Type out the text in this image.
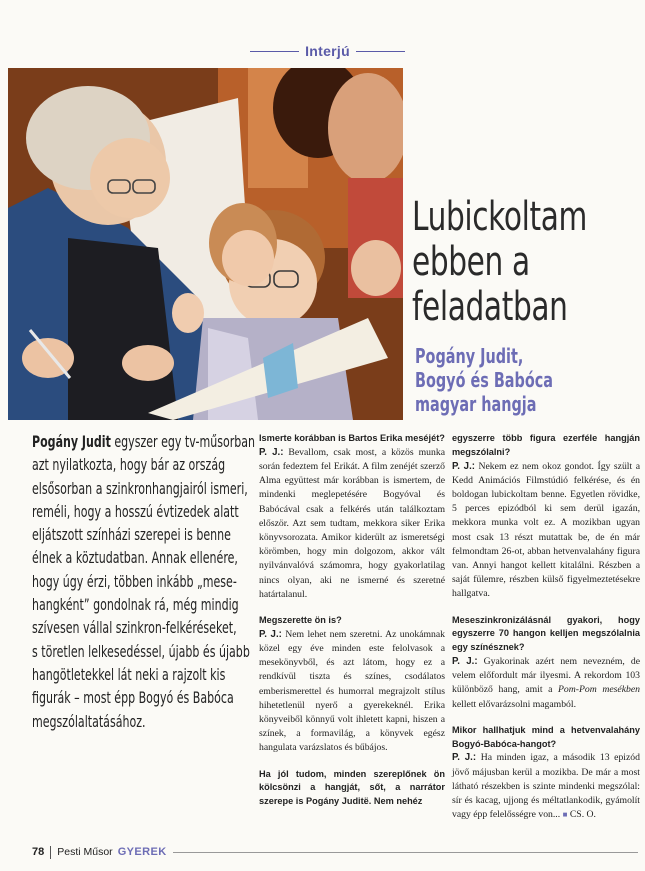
Interjú
Lubickoltam
ebben a
feladatban
Pogány Judit,
Bogyó és Babóca
magyar hangja
Pogány Judit egyszer egy tv-műsorban
azt nyilatkozta, hogy bár az ország
elsősorban a szinkronhangjairól ismeri,
reméli, hogy a hosszú évtizedek alatt
eljátszott színházi szerepei is benne
élnek a köztudatban. Annak ellenére,
hogy úgy érzi, többen inkább „mese-
hangként” gondolnak rá, még mindig
szívesen vállal szinkron-felkéréseket,
s töretlen lelkesedéssel, újabb és újabb
hangötletekkel lát neki a rajzolt kis
figurák – most épp Bogyó és Babóca
megszólaltatásához.

Ismerte korábban is Bartos Erika meséjét?

P. J.: Bevallom, csak most, a közös munka során fedeztem fel Erikát. A film zenéjét szerző Alma együttest már korábban is ismertem, de mindenki meglepetésére Bogyóval és Babócával csak a felkérés után találkoztam először. Azt sem tudtam, mekkora siker Erika könyvsorozata. Amikor kiderült az ismeretségi körömben, hogy min dolgozom, akkor vált nyilvánvalóvá számomra, hogy gyakorlatilag nincs olyan, aki ne ismerné és szeretné határtalanul.

Megszerette ön is?

P. J.: Nem lehet nem szeretni. Az unokámnak közel egy éve minden este felolvasok a mesekönyvből, és azt látom, hogy ez a rendkívül tiszta és színes, csodálatos emberismerettel és humorral megrajzolt stílus hihetetlenül nyerő a gyerekeknél. Erika könyveiből könnyű volt ihletett kapni, hiszen a színek, a formavilág, a könyvek egész hangulata varázslatos és bűbájos.

Ha jól tudom, minden szereplőnek ön kölcsönzi a hangját, sőt, a narrátor szerepe is Pogány Juditë. Nem nehéz

egyszerre több figura ezerféle hangján megszólalni?

P. J.: Nekem ez nem okoz gondot. Így szült a Kedd Animációs Filmstúdió felkérése, és én boldogan lubickoltam benne. Egyetlen rövidke, 5 perces epizódból ki sem derül igazán, mekkora munka volt ez. A mozikban ugyan most csak 13 részt mutattak be, de én már felmondtam 26-ot, abban hetvenvalahány figura van. Annyi hangot kellett kitalálni. Részben a saját fülemre, részben külső figyelmeztetésekre hallgatva.

Meseszinkronizálásnál gyakori, hogy egyszerre 70 hangon kelljen megszólalnia egy színésznek?

P. J.: Gyakorinak azért nem nevezném, de velem előfordult már ilyesmi. A rekordom 103 különböző hang, amit a Pom-Pom mesékben kellett elővarázsolni magamból.

Mikor hallhatjuk mind a hetvenvalahány Bogyó-Babóca-hangot?

P. J.: Ha minden igaz, a második 13 epizód jövő májusban kerül a mozikba. De már a most látható részekben is szinte mindenki megszólal: sír és kacag, ujjong és méltatlankodik, gyámolít vagy épp felelősségre von... ■ CS. O.

78 Pesti Műsor GYEREK
